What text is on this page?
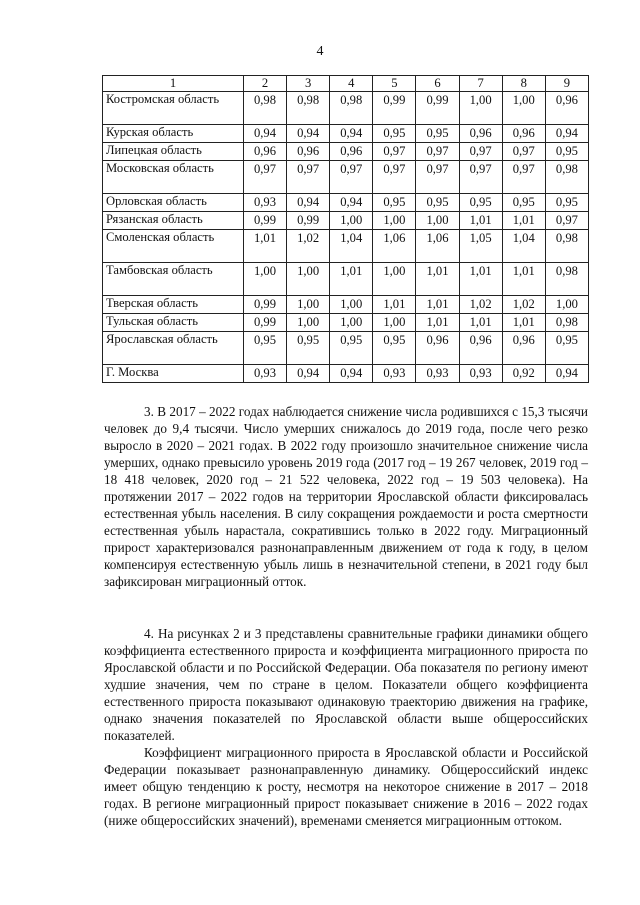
4
1	2	3	4	5	6	7	8	9
Костромская область	0,98	0,98	0,98	0,99	0,99	1,00	1,00	0,96
Курская область	0,94	0,94	0,94	0,95	0,95	0,96	0,96	0,94
Липецкая область	0,96	0,96	0,96	0,97	0,97	0,97	0,97	0,95
Московская область	0,97	0,97	0,97	0,97	0,97	0,97	0,97	0,98
Орловская область	0,93	0,94	0,94	0,95	0,95	0,95	0,95	0,95
Рязанская область	0,99	0,99	1,00	1,00	1,00	1,01	1,01	0,97
Смоленская область	1,01	1,02	1,04	1,06	1,06	1,05	1,04	0,98
Тамбовская область	1,00	1,00	1,01	1,00	1,01	1,01	1,01	0,98
Тверская область	0,99	1,00	1,00	1,01	1,01	1,02	1,02	1,00
Тульская область	0,99	1,00	1,00	1,00	1,01	1,01	1,01	0,98
Ярославская область	0,95	0,95	0,95	0,95	0,96	0,96	0,96	0,95
Г. Москва	0,93	0,94	0,94	0,93	0,93	0,93	0,92	0,94

3. В 2017 – 2022 годах наблюдается снижение числа родившихся с 15,3 тысячи человек до 9,4 тысячи. Число умерших снижалось до 2019 года, после чего резко выросло в 2020 – 2021 годах. В 2022 году произошло значительное снижение числа умерших, однако превысило уровень 2019 года (2017 год – 19 267 человек, 2019 год – 18 418 человек, 2020 год – 21 522 человека, 2022 год – 19 503 человека). На протяжении 2017 – 2022 годов на территории Ярославской области фиксировалась естественная убыль населения. В силу сокращения рождаемости и роста смертности естественная убыль нарастала, сократившись только в 2022 году. Миграционный прирост характеризовался разнонаправленным движением от года к году, в целом компенсируя естественную убыль лишь в незначительной степени, в 2021 году был зафиксирован миграционный отток.

4. На рисунках 2 и 3 представлены сравнительные графики динамики общего коэффициента естественного прироста и коэффициента миграционного прироста по Ярославской области и по Российской Федерации. Оба показателя по региону имеют худшие значения, чем по стране в целом. Показатели общего коэффициента естественного прироста показывают одинаковую траекторию движения на графике, однако значения показателей по Ярославской области выше общероссийских показателей.

Коэффициент миграционного прироста в Ярославской области и Российской Федерации показывает разнонаправленную динамику. Общероссийский индекс имеет общую тенденцию к росту, несмотря на некоторое снижение в 2017 – 2018 годах. В регионе миграционный прирост показывает снижение в 2016 – 2022 годах (ниже общероссийских значений), временами сменяется миграционным оттоком.
